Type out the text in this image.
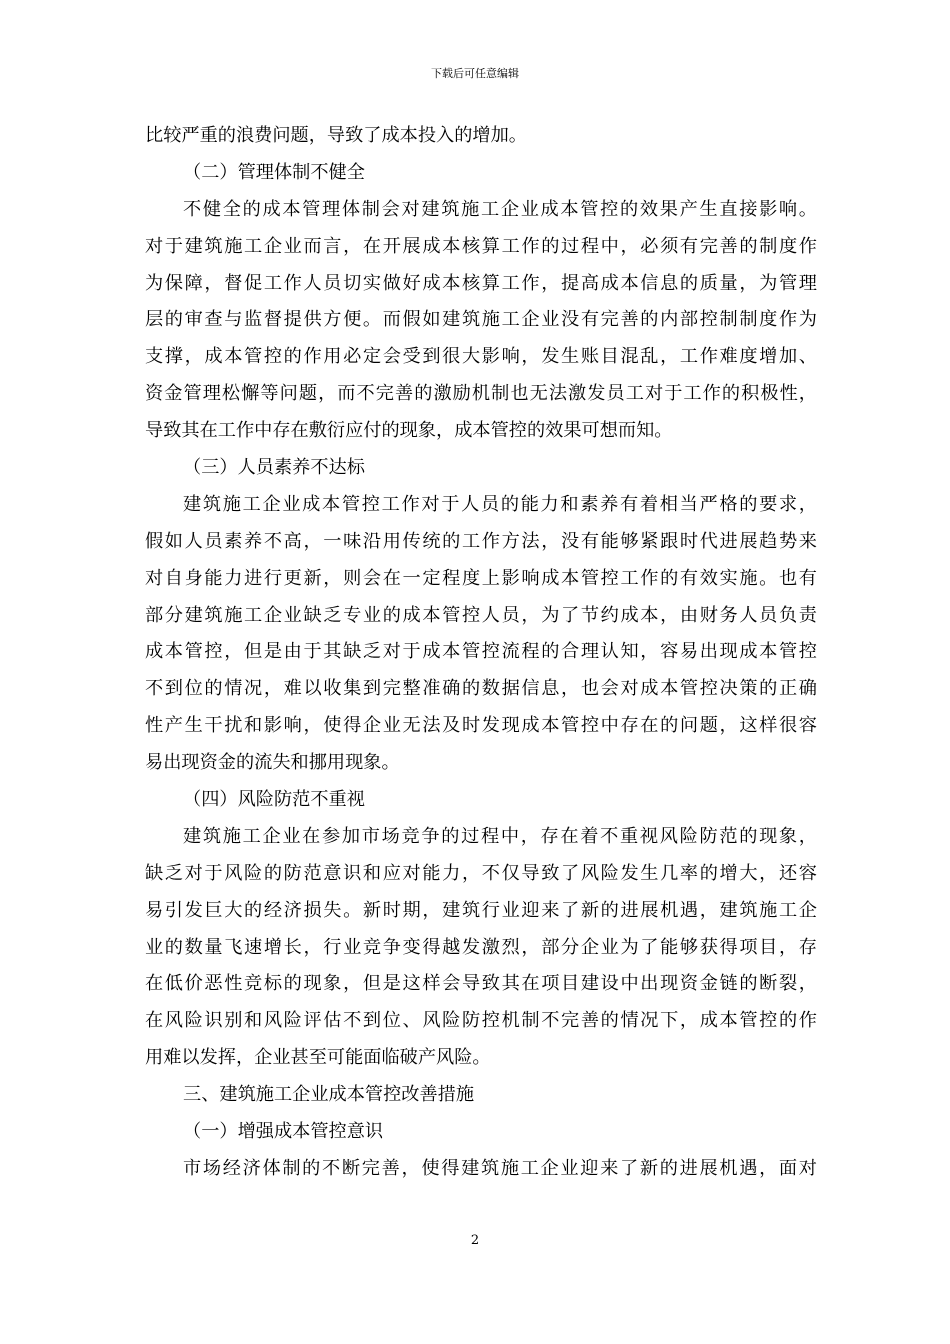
下载后可任意编辑
比较严重的浪费问题，导致了成本投入的增加。
（二）管理体制不健全
不健全的成本管理体制会对建筑施工企业成本管控的效果产生直接影响。
对于建筑施工企业而言，在开展成本核算工作的过程中，必须有完善的制度作
为保障，督促工作人员切实做好成本核算工作，提高成本信息的质量，为管理
层的审查与监督提供方便。而假如建筑施工企业没有完善的内部控制制度作为
支撑，成本管控的作用必定会受到很大影响，发生账目混乱，工作难度增加、
资金管理松懈等问题，而不完善的激励机制也无法激发员工对于工作的积极性，
导致其在工作中存在敷衍应付的现象，成本管控的效果可想而知。
（三）人员素养不达标
建筑施工企业成本管控工作对于人员的能力和素养有着相当严格的要求，
假如人员素养不高，一味沿用传统的工作方法，没有能够紧跟时代进展趋势来
对自身能力进行更新，则会在一定程度上影响成本管控工作的有效实施。也有
部分建筑施工企业缺乏专业的成本管控人员，为了节约成本，由财务人员负责
成本管控，但是由于其缺乏对于成本管控流程的合理认知，容易出现成本管控
不到位的情况，难以收集到完整准确的数据信息，也会对成本管控决策的正确
性产生干扰和影响，使得企业无法及时发现成本管控中存在的问题，这样很容
易出现资金的流失和挪用现象。
（四）风险防范不重视
建筑施工企业在参加市场竞争的过程中，存在着不重视风险防范的现象，
缺乏对于风险的防范意识和应对能力，不仅导致了风险发生几率的增大，还容
易引发巨大的经济损失。新时期，建筑行业迎来了新的进展机遇，建筑施工企
业的数量飞速增长，行业竞争变得越发激烈，部分企业为了能够获得项目，存
在低价恶性竞标的现象，但是这样会导致其在项目建设中出现资金链的断裂，
在风险识别和风险评估不到位、风险防控机制不完善的情况下，成本管控的作
用难以发挥，企业甚至可能面临破产风险。
三、建筑施工企业成本管控改善措施
（一）增强成本管控意识
市场经济体制的不断完善，使得建筑施工企业迎来了新的进展机遇，面对
2
